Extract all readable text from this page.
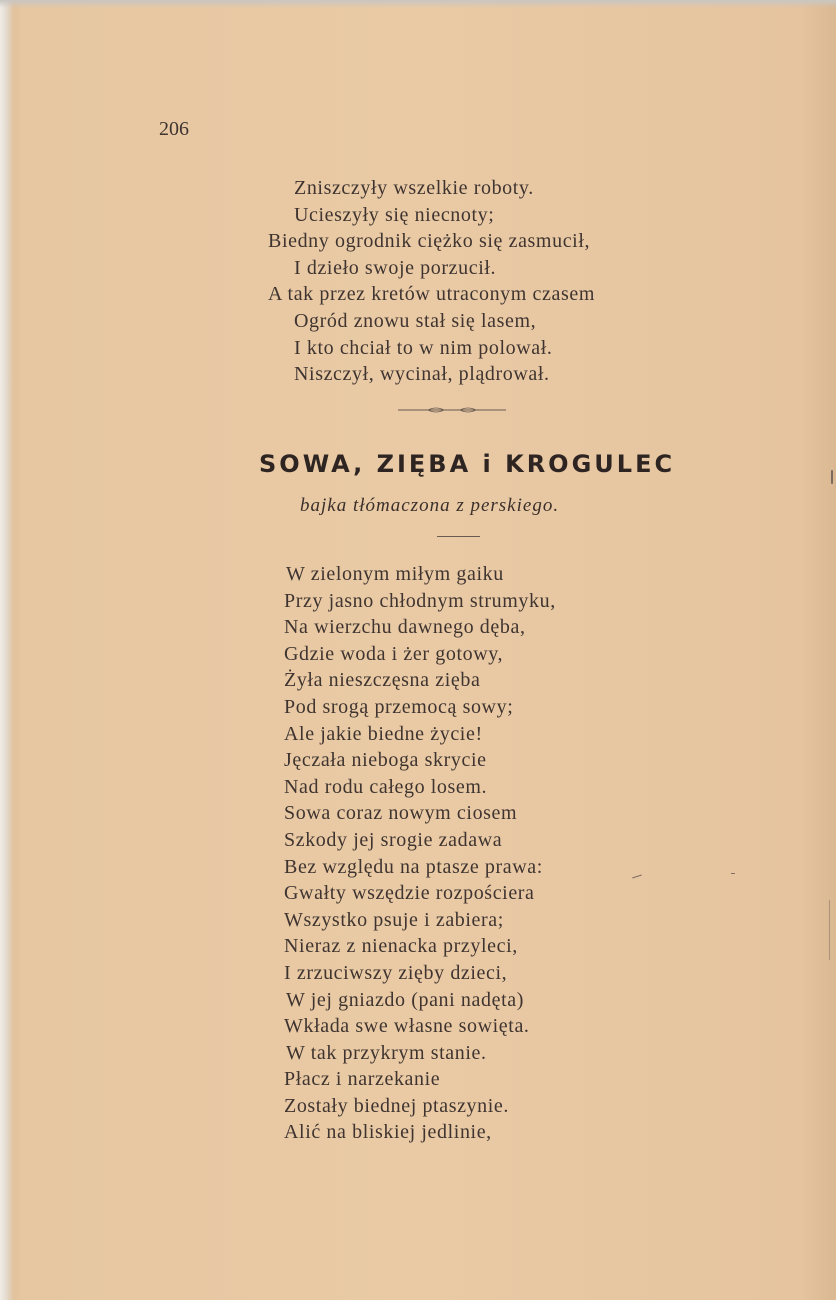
206
Zniszczyły wszelkie roboty.
Ucieszyły się niecnoty;
Biedny ogrodnik ciężko się zasmucił,
I dzieło swoje porzucił.
A tak przez kretów utraconym czasem
Ogród znowu stał się lasem,
I kto chciał to w nim polował.
Niszczył, wycinał, plądrował.
SOWA, ZIĘBA i KROGULEC
bajka tłómaczona z perskiego.
W zielonym miłym gaiku
Przy jasno chłodnym strumyku,
Na wierzchu dawnego dęba,
Gdzie woda i żer gotowy,
Żyła nieszczęsna zięba
Pod srogą przemocą sowy;
Ale jakie biedne życie!
Jęczała nieboga skrycie
Nad rodu całego losem.
Sowa coraz nowym ciosem
Szkody jej srogie zadawa
Bez względu na ptasze prawa:
Gwałty wszędzie rozpościera
Wszystko psuje i zabiera;
Nieraz z nienacka przyleci,
I zrzuciwszy zięby dzieci,
W jej gniazdo (pani nadęta)
Wkłada swe własne sowięta.
W tak przykrym stanie.
Płacz i narzekanie
Zostały biednej ptaszynie.
Alić na bliskiej jedlinie,
